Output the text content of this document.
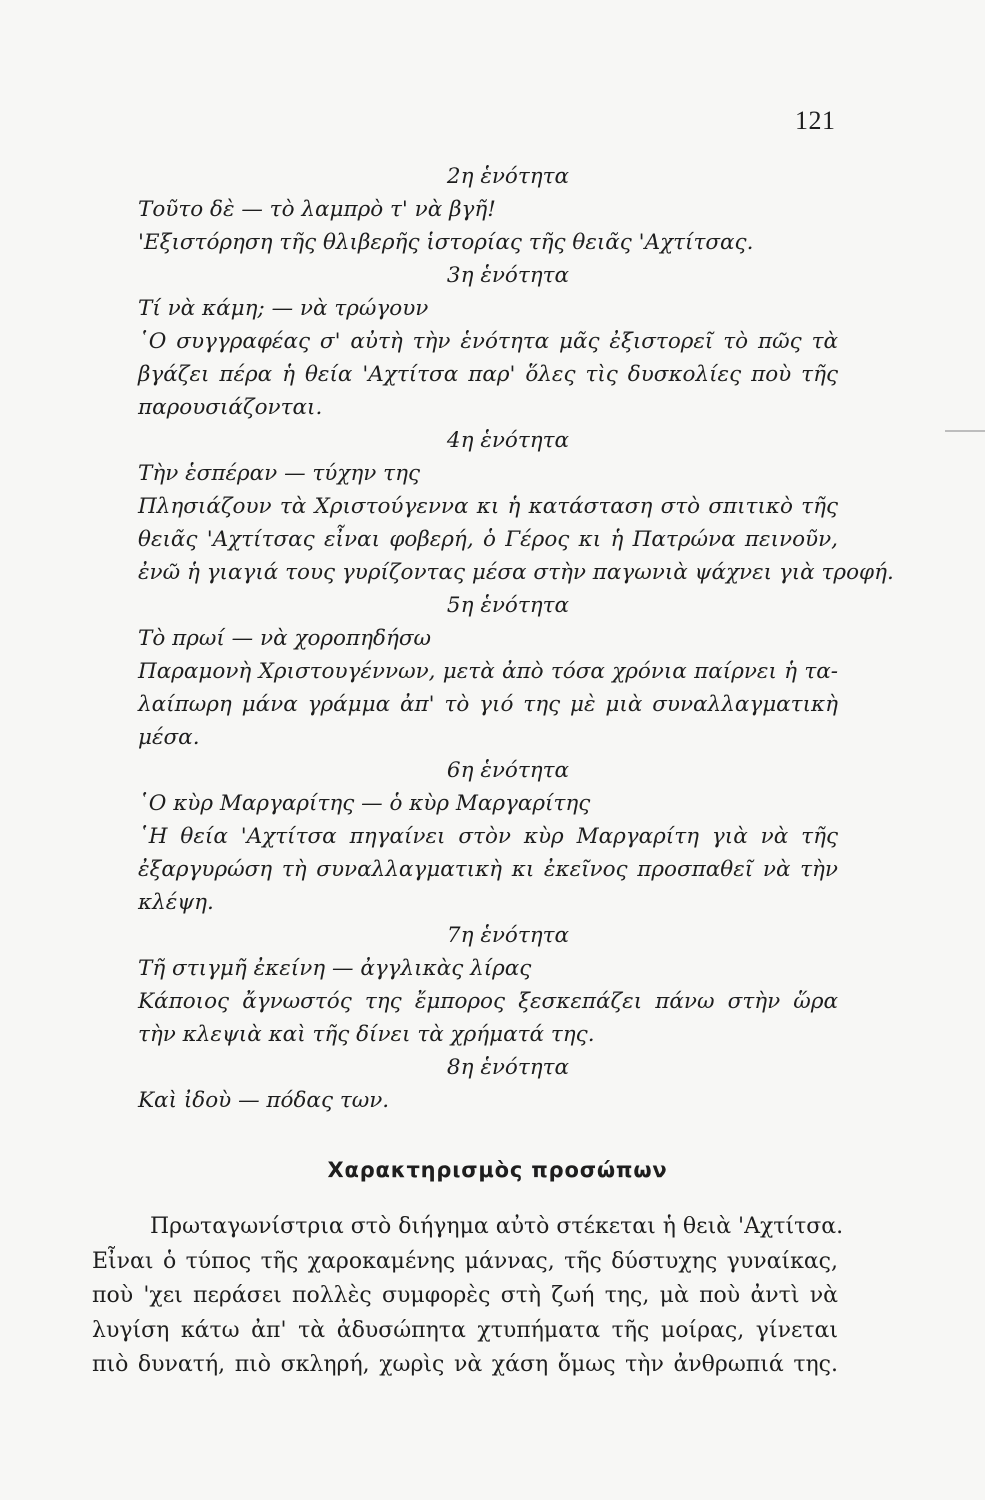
121
2η ἑνότητα
Τοῦτο δὲ — τὸ λαμπρὸ τ' νὰ βγῆ!
'Εξιστόρηση τῆς θλιβερῆς ἱστορίας τῆς θειᾶς 'Αχτίτσας.
3η ἑνότητα
Τί νὰ κάμη; — νὰ τρώγουν
῾Ο συγγραφέας σ' αὐτὴ τὴν ἑνότητα μᾶς ἐξιστορεῖ τὸ πῶς τὰ
βγάζει πέρα ἡ θεία 'Αχτίτσα παρ' ὅλες τὶς δυσκολίες ποὺ τῆς
παρουσιάζονται.
4η ἑνότητα
Τὴν ἑσπέραν — τύχην της
Πλησιάζουν τὰ Χριστούγεννα κι ἡ κατάσταση στὸ σπιτικὸ τῆς
θειᾶς 'Αχτίτσας εἶναι φοβερή, ὁ Γέρος κι ἡ Πατρώνα πεινοῦν,
ἐνῶ ἡ γιαγιά τους γυρίζοντας μέσα στὴν παγωνιὰ ψάχνει γιὰ τροφή.
5η ἑνότητα
Τὸ πρωί — νὰ χοροπηδήσω
Παραμονὴ Χριστουγέννων, μετὰ ἀπὸ τόσα χρόνια παίρνει ἡ τα-
λαίπωρη μάνα γράμμα ἀπ' τὸ γιό της μὲ μιὰ συναλλαγματικὴ
μέσα.
6η ἑνότητα
῾Ο κὺρ Μαργαρίτης — ὁ κὺρ Μαργαρίτης
῾Η θεία 'Αχτίτσα πηγαίνει στὸν κὺρ Μαργαρίτη γιὰ νὰ τῆς
ἐξαργυρώση τὴ συναλλαγματικὴ κι ἐκεῖνος προσπαθεῖ νὰ τὴν
κλέψη.
7η ἑνότητα
Τῆ στιγμῆ ἐκείνη — ἀγγλικὰς λίρας
Κάποιος ἄγνωστός της ἔμπορος ξεσκεπάζει πάνω στὴν ὥρα
τὴν κλεψιὰ καὶ τῆς δίνει τὰ χρήματά της.
8η ἑνότητα
Καὶ ἰδοὺ — πόδας των.
Χαρακτηρισμὸς προσώπων
Πρωταγωνίστρια στὸ διήγημα αὐτὸ στέκεται ἡ θειὰ 'Αχτίτσα.
Εἶναι ὁ τύπος τῆς χαροκαμένης μάννας, τῆς δύστυχης γυναίκας,
ποὺ 'χει περάσει πολλὲς συμφορὲς στὴ ζωή της, μὰ ποὺ ἀντὶ νὰ
λυγίση κάτω ἀπ' τὰ ἀδυσώπητα χτυπήματα τῆς μοίρας, γίνεται
πιὸ δυνατή, πιὸ σκληρή, χωρὶς νὰ χάση ὅμως τὴν ἀνθρωπιά της.
